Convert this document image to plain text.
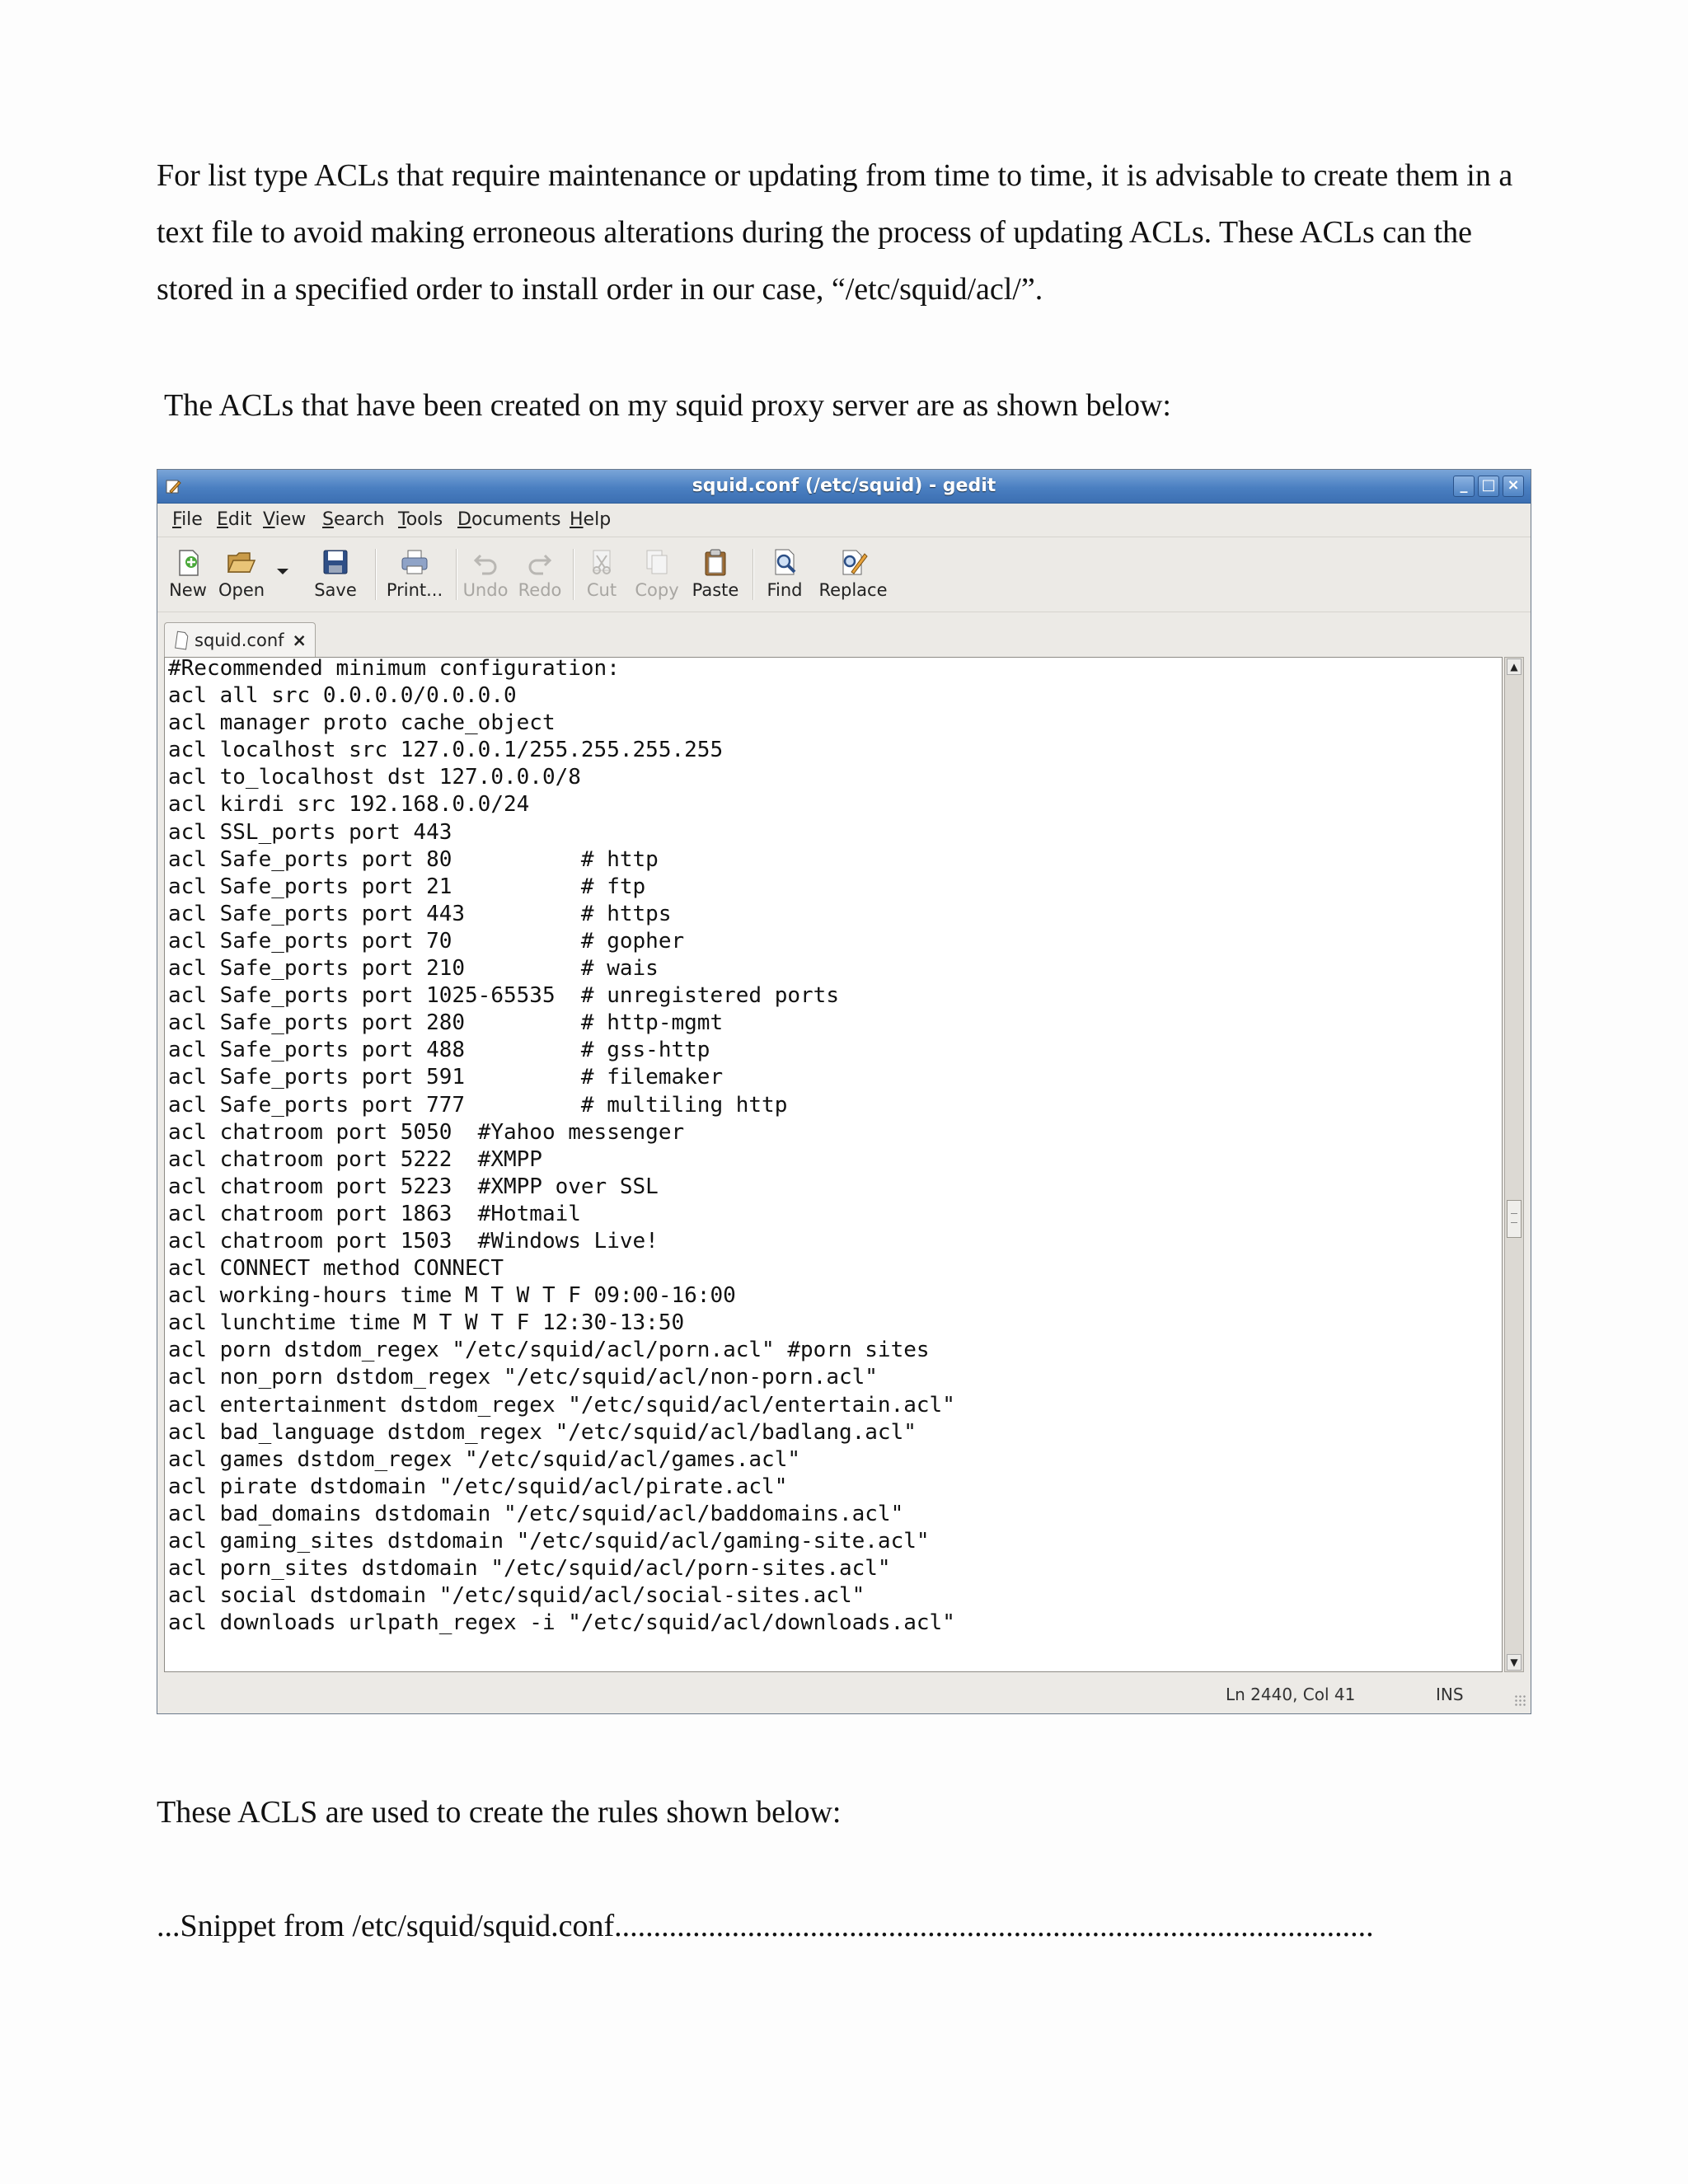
For list type ACLs that require maintenance or updating from time to time, it is advisable to create them in a text file to avoid making erroneous alterations during the process of updating ACLs. These ACLs can the stored in a specified order to install order in our case, “/etc/squid/acl/”.

The ACLs that have been created on my squid proxy server are as shown below:

squid.conf (/etc/squid) - gedit	_ □ ×
File Edit View Search Tools Documents Help
New Open	Save Print... Undo Redo	Cut	Copy Paste Find Replace
squid.conf ×
#Recommended minimum configuration:
acl all src 0.0.0.0/0.0.0.0
acl manager proto cache_object
acl localhost src 127.0.0.1/255.255.255.255
acl to_localhost dst 127.0.0.0/8
acl kirdi src 192.168.0.0/24
acl SSL_ports port 443
acl Safe_ports port 80          # http
acl Safe_ports port 21          # ftp
acl Safe_ports port 443         # https
acl Safe_ports port 70          # gopher
acl Safe_ports port 210         # wais
acl Safe_ports port 1025-65535  # unregistered ports
acl Safe_ports port 280         # http-mgmt
acl Safe_ports port 488         # gss-http
acl Safe_ports port 591         # filemaker
acl Safe_ports port 777         # multiling http
acl chatroom port 5050  #Yahoo messenger
acl chatroom port 5222  #XMPP
acl chatroom port 5223  #XMPP over SSL
acl chatroom port 1863  #Hotmail
acl chatroom port 1503  #Windows Live!
acl CONNECT method CONNECT
acl working-hours time M T W T F 09:00-16:00
acl lunchtime time M T W T F 12:30-13:50
acl porn dstdom_regex "/etc/squid/acl/porn.acl" #porn sites
acl non_porn dstdom_regex "/etc/squid/acl/non-porn.acl"
acl entertainment dstdom_regex "/etc/squid/acl/entertain.acl"
acl bad_language dstdom_regex "/etc/squid/acl/badlang.acl"
acl games dstdom_regex "/etc/squid/acl/games.acl"
acl pirate dstdomain "/etc/squid/acl/pirate.acl"
acl bad_domains dstdomain "/etc/squid/acl/baddomains.acl"
acl gaming_sites dstdomain "/etc/squid/acl/gaming-site.acl"
acl porn_sites dstdomain "/etc/squid/acl/porn-sites.acl"
acl social dstdomain "/etc/squid/acl/social-sites.acl"
acl downloads urlpath_regex -i "/etc/squid/acl/downloads.acl"
▲
▼
Ln 2440, Col 41	INS

These ACLS are used to create the rules shown below:

...Snippet from /etc/squid/squid.conf.................................................................................................
